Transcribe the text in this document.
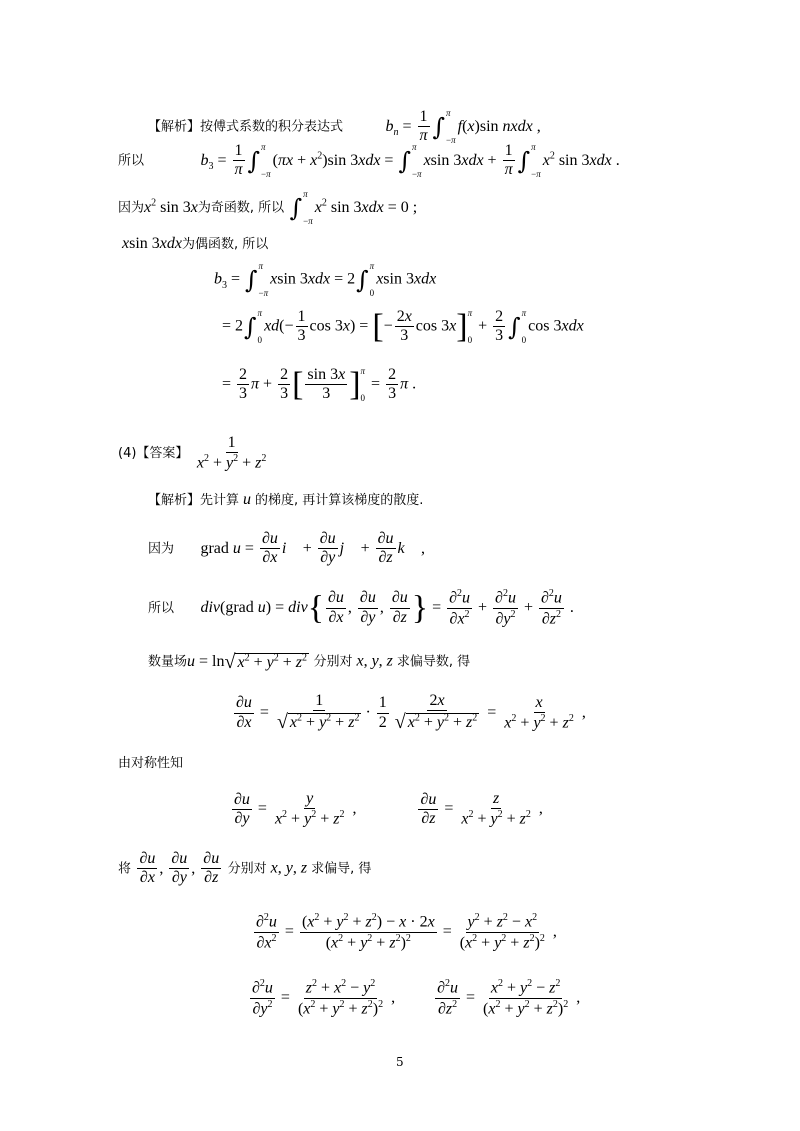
【解析】按傅式系数的积分表达式	$b_n = \frac{1}{\pi}$ ∫ π
−π
f(x)sin nxdx ,
所以	$b_3 = \frac{1}{\pi}$ ∫ π
−π
$(\pi x + x^2)\sin$ 3xdx = ∫ π
−π
xsin $3xdx + \frac{1}{\pi}$ ∫ π
−π
$x^2$ sin 3xdx .
因为$x^2$ sin 3x为奇函数, 所以 ∫ π
−π
$x^2$ sin 3xdx = 0 ;
xsin 3xdx为偶函数, 所以
$b_3$ = ∫ π
−π
xsin 3xdx = 2∫ π
0
xsin 3xdx
= 2∫ π
0
$xd(- \frac{1}{3}$ cos 3x) = [− $\frac{2x}{3}$ cos 3x] π
0
+ $\frac{2}{3}$ ∫ π
0
cos 3xdx
= $\frac{2}{3}$ $\pi + \frac{2}{3}$ [ $\frac{\sin 3x}{3}$ ] π
0
= $\frac{2}{3}$ π .
(4)【答案】 $\frac{1}{x^2 + y^2 + z^2}$
【解析】先计算 u 的梯度, 再计算该梯度的散度.
因为 grad $u = \frac{\partial u}{\partial x}$ i⃗ + $\frac{\partial u}{\partial y}$ j⃗ + $\frac{\partial u}{\partial z}$ k⃗ ,
所以 div(grad $u) = div\{ \frac{\partial u}{\partial x}$ , $\frac{\partial u}{\partial y}$ , $\frac{\partial u}{\partial z}$ } = $\frac{\partial^2u}{\partial x^2} + \frac{\partial^2u}{\partial y^2} + \frac{\partial^2u}{\partial z^2}$ .
数量场u = ln√ $x^2 + y^2 + z^2$ 分别对 x, y, z 求偏导数, 得
$\frac{\partial u}{\partial x} = \frac{1}{√ x^2 + y^2 + z^2} \cdot \frac{1}{2} \frac{2x}{√ x^2 + y^2 + z^2} = \frac{x}{x^2 + y^2 + z^2}$ ,
由对称性知
$\frac{\partial u}{\partial y} = \frac{y}{x^2 + y^2 + z^2}$ ,	$\frac{\partial u}{\partial z} = \frac{z}{x^2 + y^2 + z^2}$ ,
将 $\frac{\partial u}{\partial x}$ , $\frac{\partial u}{\partial y}$ , $\frac{\partial u}{\partial z}$ 分别对 x, y, z 求偏导, 得
$\frac{\partial^2u}{\partial x^2} = \frac{(x^2 + y^2 + z^2) - x \cdot 2x}{(x^2 + y^2 + z^2)^2} = \frac{y^2 + z^2 - x^2}{(x^2 + y^2 + z^2)^2}$ ,
$\frac{\partial^2u}{\partial y^2} = \frac{z^2 + x^2 - y^2}{(x^2 + y^2 + z^2)^2}$ , $\frac{\partial^2u}{\partial z^2} = \frac{x^2 + y^2 - z^2}{(x^2 + y^2 + z^2)^2}$ ,
5
